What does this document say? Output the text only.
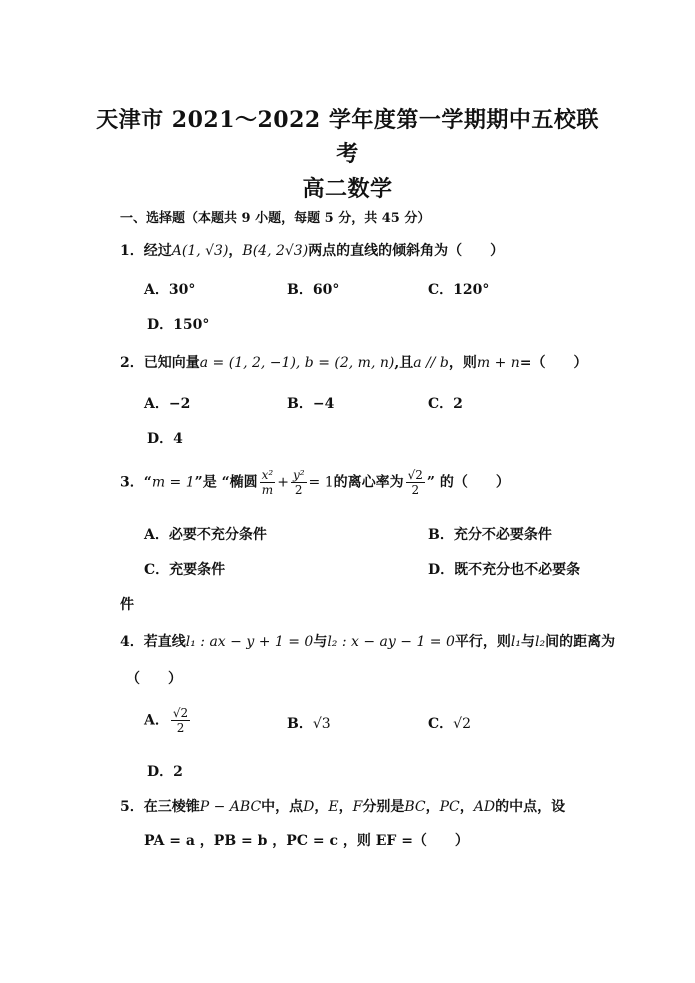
天津市 2021～2022 学年度第一学期期中五校联
考
高二数学
一、选择题（本题共 9 小题，每题 5 分，共 45 分）
1．经过A(1, √3)，B(4, 2√3)两点的直线的倾斜角为（　　）
A．30°	B．60°	C．120°
D．150°
2．已知向量a = (1, 2, −1), b = (2, m, n),且a // b，则m + n=（　　）
A．−2	B．−4	C．2
D．4
3．“m = 1”是 “椭圆 $\frac{\text{x²}}{m} + \frac{\text{y²}}{2} = 1$的离心率为 $\frac{√2}{2}$ ” 的（　　）
A．必要不充分条件	B．充分不必要条件
C．充要条件	D．既不充分也不必要条
件
4．若直线l₁ : ax − y + 1 = 0与l₂ : x − ay − 1 = 0平行，则l₁与l₂间的距离为
（　　）
A． $\frac{√2}{2}$	B．√3	C．√2
D．2
5．在三棱锥P − ABC中，点D，E，F分别是BC，PC，AD的中点，设
PA = a ，PB = b ，PC = c ，则 EF =（　　）
